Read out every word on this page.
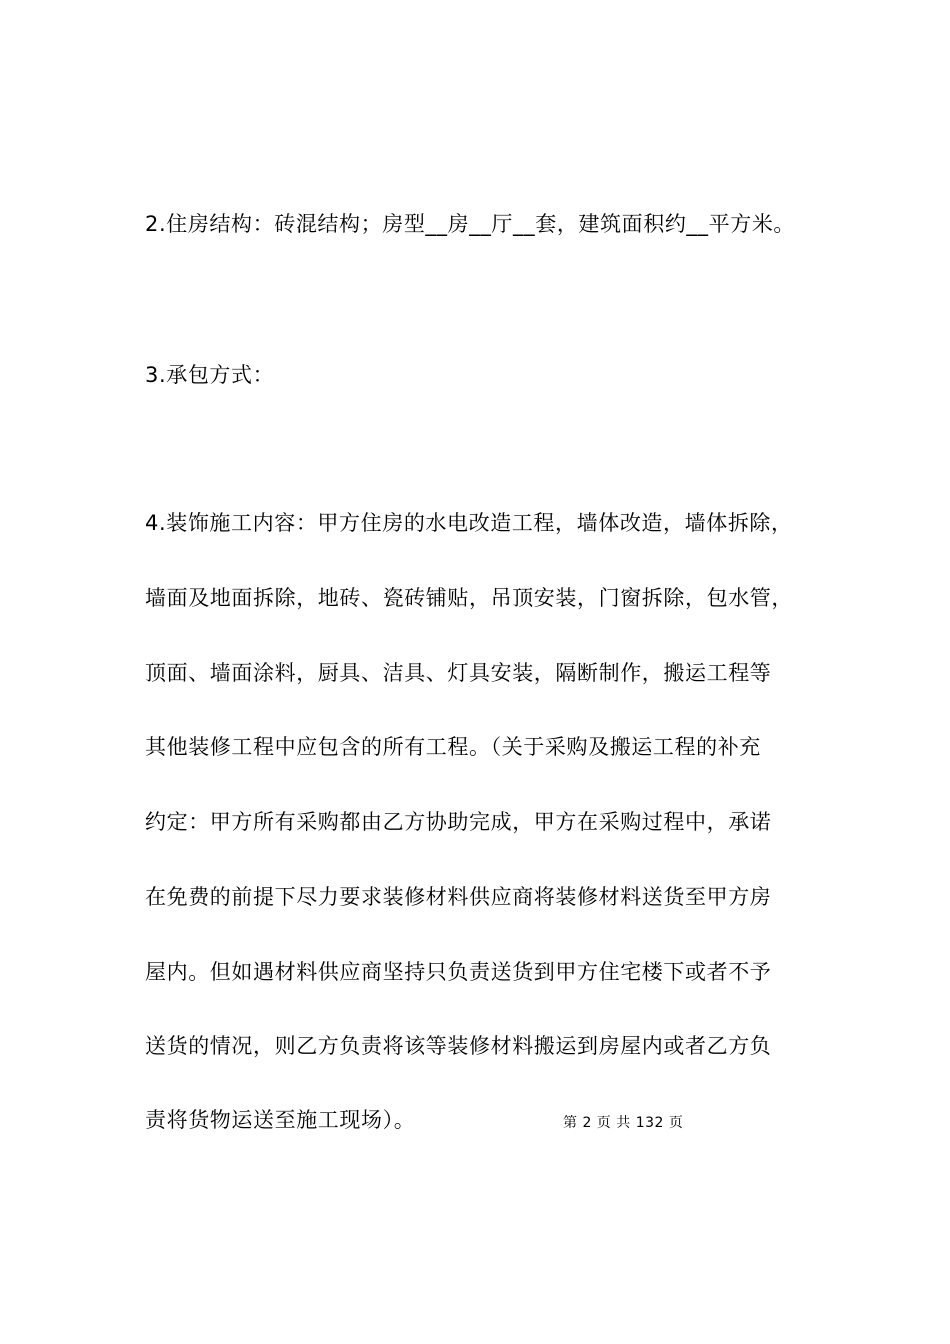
2.住房结构：砖混结构；房型__房__厅__套，建筑面积约__平方米。
3.承包方式：
4.装饰施工内容：甲方住房的水电改造工程，墙体改造，墙体拆除，
墙面及地面拆除，地砖、瓷砖铺贴，吊顶安装，门窗拆除，包水管，
顶面、墙面涂料，厨具、洁具、灯具安装，隔断制作，搬运工程等
其他装修工程中应包含的所有工程。（关于采购及搬运工程的补充
约定：甲方所有采购都由乙方协助完成，甲方在采购过程中，承诺
在免费的前提下尽力要求装修材料供应商将装修材料送货至甲方房
屋内。但如遇材料供应商坚持只负责送货到甲方住宅楼下或者不予
送货的情况，则乙方负责将该等装修材料搬运到房屋内或者乙方负
责将货物运送至施工现场）。	第 2 页 共 132 页
